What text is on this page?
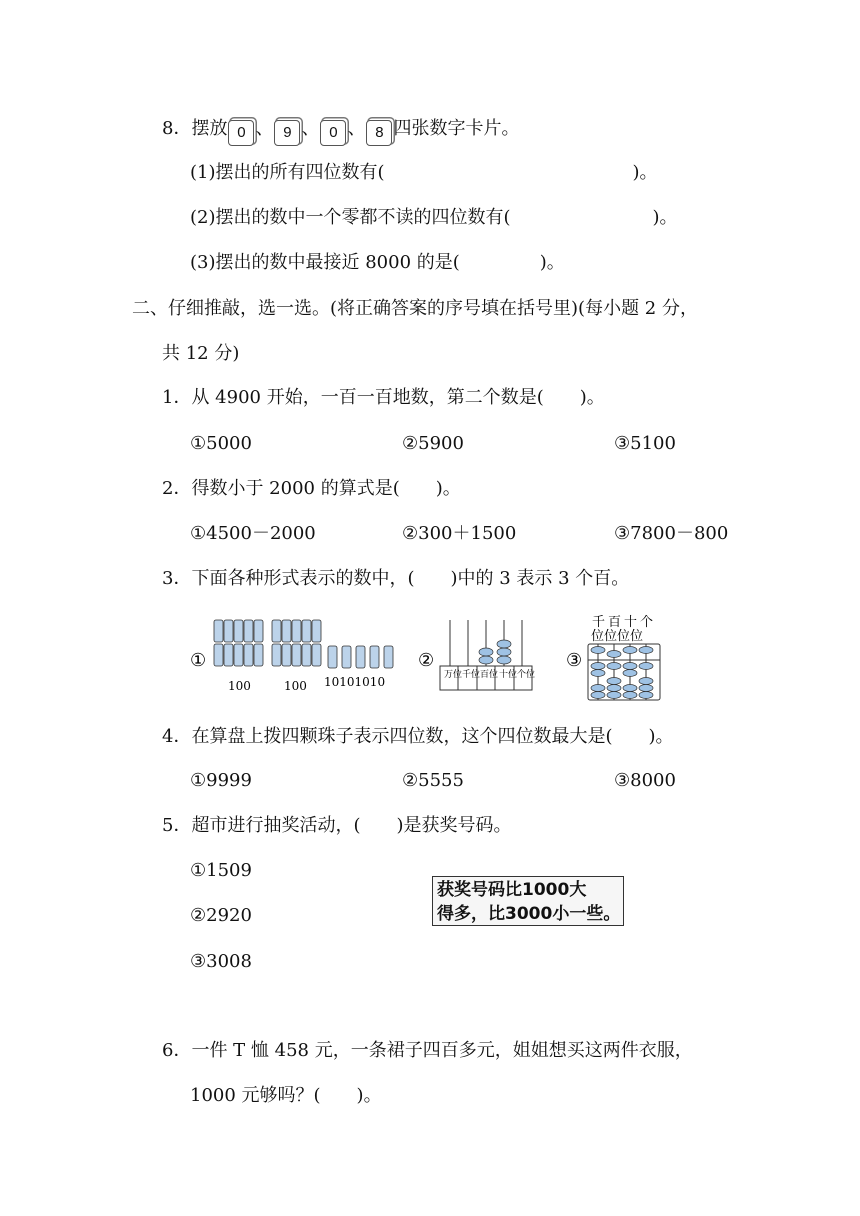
8．摆放 0 、 9 、 0 、 8 四张数字卡片。
(1)摆出的所有四位数有(	)。
(2)摆出的数中一个零都不读的四位数有(	)。
(3)摆出的数中最接近 8000 的是(	)。
二、仔细推敲，选一选。(将正确答案的序号填在括号里)(每小题 2 分，
共 12 分)
1．从 4900 开始，一百一百地数，第二个数是(　　)。
①5000	②5900	③5100
2．得数小于 2000 的算式是(　　)。
①4500－2000	②300＋1500	③7800－800
3．下面各种形式表示的数中，(　　)中的 3 表示 3 个百。
①
100	100 10101010
②
万位 千位 百位 十位 个位
③
千 百 十 个
位位位位
4．在算盘上拨四颗珠子表示四位数，这个四位数最大是(　　)。
①9999	②5555	③8000
5．超市进行抽奖活动，(　　)是获奖号码。
①1509
②2920
③3008
获奖号码比1000大
得多，比3000小一些。
6．一件 T 恤 458 元，一条裙子四百多元，姐姐想买这两件衣服，
1000 元够吗？(　　)。
